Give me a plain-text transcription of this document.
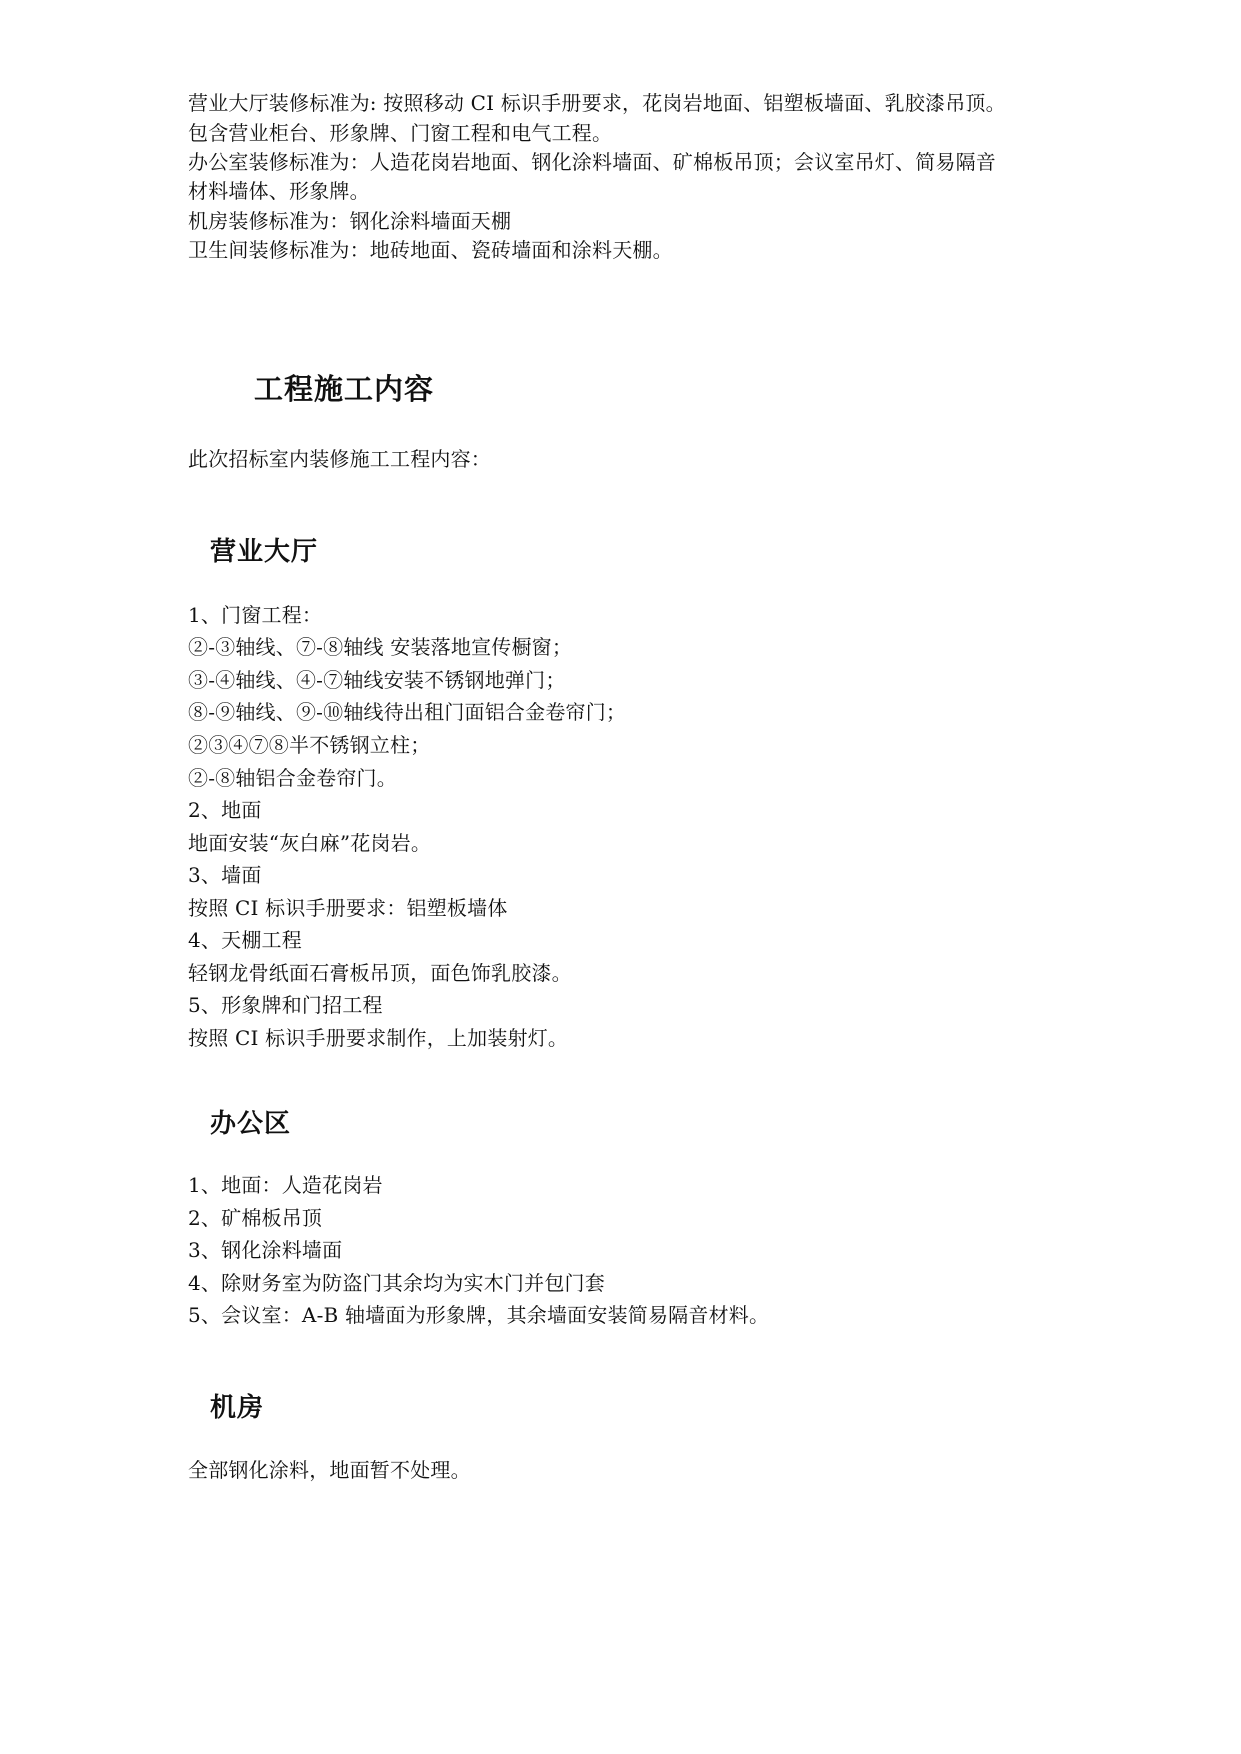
营业大厅装修标准为: 按照移动 CI 标识手册要求，花岗岩地面、铝塑板墙面、乳胶漆吊顶。
包含营业柜台、形象牌、门窗工程和电气工程。
办公室装修标准为：人造花岗岩地面、钢化涂料墙面、矿棉板吊顶；会议室吊灯、简易隔音
材料墙体、形象牌。
机房装修标准为：钢化涂料墙面天棚
卫生间装修标准为：地砖地面、瓷砖墙面和涂料天棚。
工程施工内容
此次招标室内装修施工工程内容：
营业大厅
1、门窗工程：
②-③轴线、⑦-⑧轴线 安装落地宣传橱窗；
③-④轴线、④-⑦轴线安装不锈钢地弹门；
⑧-⑨轴线、⑨-⑩轴线待出租门面铝合金卷帘门；
②③④⑦⑧半不锈钢立柱；
②-⑧轴铝合金卷帘门。
2、地面
地面安装“灰白麻”花岗岩。
3、墙面
按照 CI 标识手册要求：铝塑板墙体
4、天棚工程
轻钢龙骨纸面石膏板吊顶，面色饰乳胶漆。
5、形象牌和门招工程
按照 CI 标识手册要求制作，上加装射灯。
办公区
1、地面：人造花岗岩
2、矿棉板吊顶
3、钢化涂料墙面
4、除财务室为防盗门其余均为实木门并包门套
5、会议室：A-B 轴墙面为形象牌，其余墙面安装简易隔音材料。
机房
全部钢化涂料，地面暂不处理。
